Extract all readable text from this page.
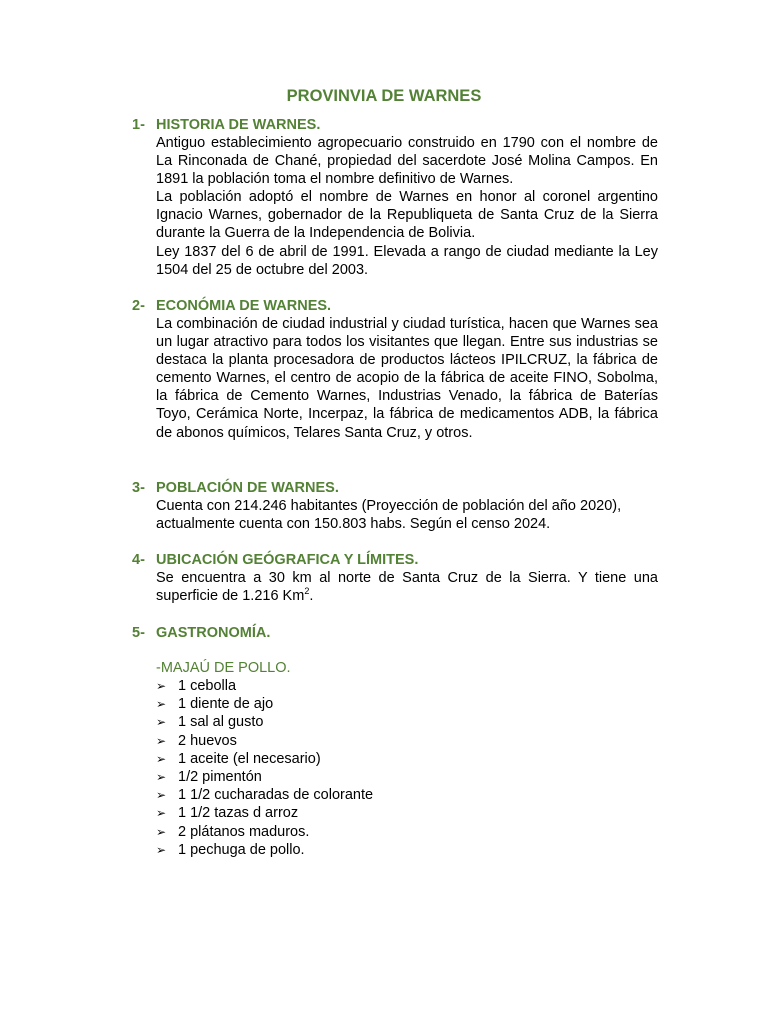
PROVINVIA DE WARNES
1- HISTORIA DE WARNES.

Antiguo establecimiento agropecuario construido en 1790 con el nombre de La Rinconada de Chané, propiedad del sacerdote José Molina Campos. En 1891 la población toma el nombre definitivo de Warnes.

La población adoptó el nombre de Warnes en honor al coronel argentino Ignacio Warnes, gobernador de la Republiqueta de Santa Cruz de la Sierra durante la Guerra de la Independencia de Bolivia.

Ley 1837 del 6 de abril de 1991. Elevada a rango de ciudad mediante la Ley 1504 del 25 de octubre del 2003.

2- ECONÓMIA DE WARNES.

La combinación de ciudad industrial y ciudad turística, hacen que Warnes sea un lugar atractivo para todos los visitantes que llegan. Entre sus industrias se destaca la planta procesadora de productos lácteos IPILCRUZ, la fábrica de cemento Warnes, el centro de acopio de la fábrica de aceite FINO, Sobolma, la fábrica de Cemento Warnes, Industrias Venado, la fábrica de Baterías Toyo, Cerámica Norte, Incerpaz, la fábrica de medicamentos ADB, la fábrica de abonos químicos, Telares Santa Cruz, y otros.

3- POBLACIÓN DE WARNES.

Cuenta con 214.246 habitantes (Proyección de población del año 2020), actualmente cuenta con 150.803 habs. Según el censo 2024.

4- UBICACIÓN GEÓGRAFICA Y LÍMITES.

Se encuentra a 30 km al norte de Santa Cruz de la Sierra. Y tiene una superficie de 1.216 Km$^2$.

5- GASTRONOMÍA.
-MAJAÚ DE POLLO.
➢ 1 cebolla
➢ 1 diente de ajo
➢ 1 sal al gusto
➢ 2 huevos
➢ 1 aceite (el necesario)
➢ 1/2 pimentón
➢ 1 1/2 cucharadas de colorante
➢ 1 1/2 tazas d arroz
➢ 2 plátanos maduros.
➢ 1 pechuga de pollo.
